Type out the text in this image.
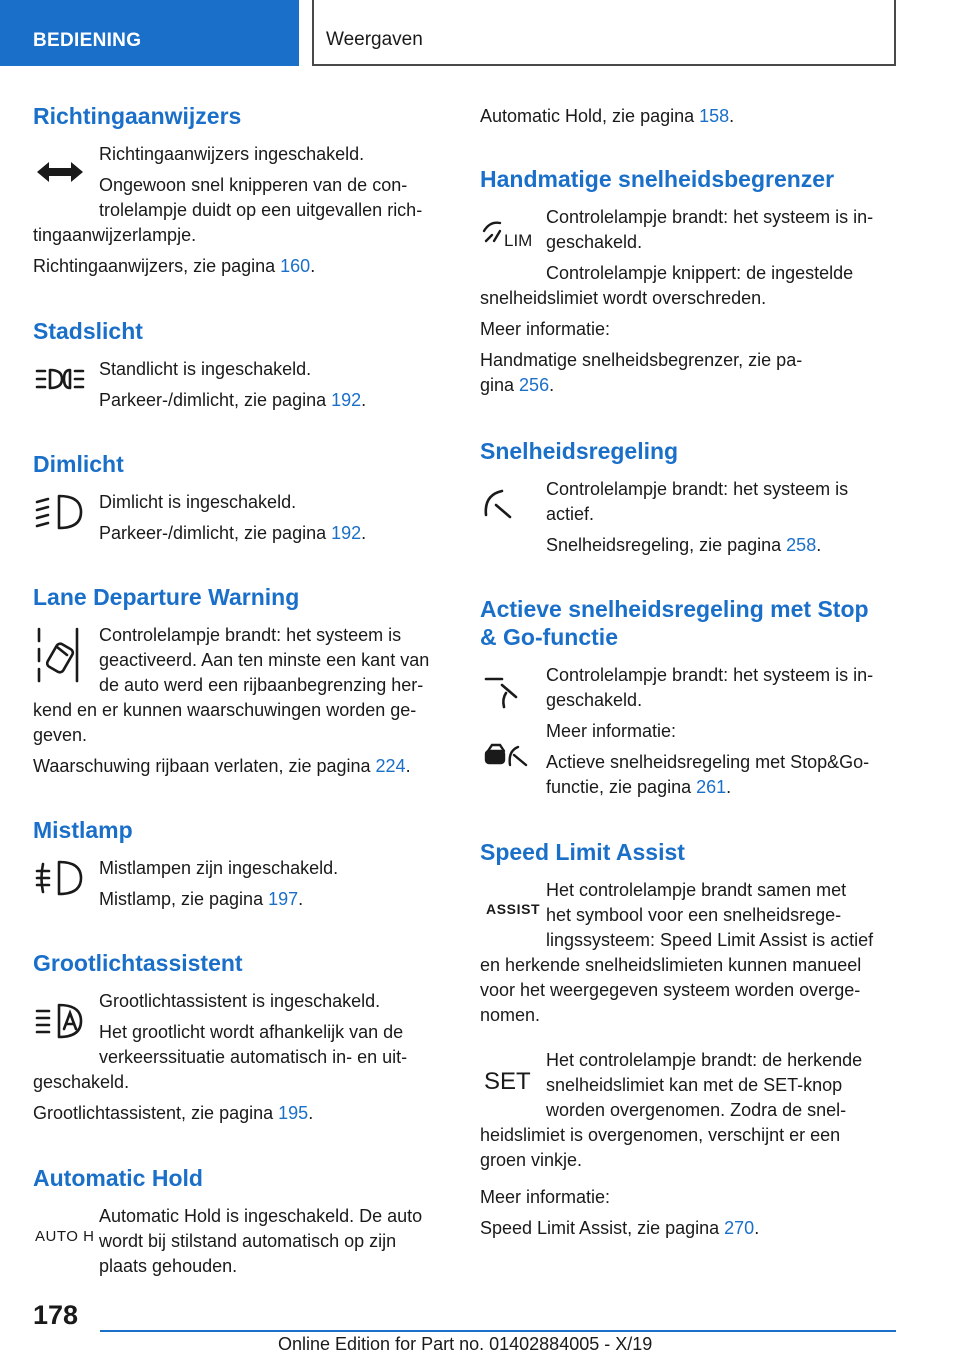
BEDIENING	Weergaven
Richtingaanwijzers
Richtingaanwijzers ingeschakeld.
Ongewoon snel knipperen van de con-
trolelampje duidt op een uitgevallen rich-
tingaanwijzerlampje.
Richtingaanwijzers, zie pagina 160.
Stadslicht
Standlicht is ingeschakeld.
Parkeer-/dimlicht, zie pagina 192.
Dimlicht
Dimlicht is ingeschakeld.
Parkeer-/dimlicht, zie pagina 192.
Lane Departure Warning
Controlelampje brandt: het systeem is
geactiveerd. Aan ten minste een kant van
de auto werd een rijbaanbegrenzing her-
kend en er kunnen waarschuwingen worden ge-
geven.
Waarschuwing rijbaan verlaten, zie pagina 224.
Mistlamp
Mistlampen zijn ingeschakeld.
Mistlamp, zie pagina 197.
Grootlichtassistent
Grootlichtassistent is ingeschakeld.
Het grootlicht wordt afhankelijk van de
verkeerssituatie automatisch in- en uit-
geschakeld.
Grootlichtassistent, zie pagina 195.
Automatic Hold
AUTO H
Automatic Hold is ingeschakeld. De auto
wordt bij stilstand automatisch op zijn
plaats gehouden.
Automatic Hold, zie pagina 158.
Handmatige snelheidsbegrenzer
LIM
Controlelampje brandt: het systeem is in-
geschakeld.
Controlelampje knippert: de ingestelde
snelheidslimiet wordt overschreden.
Meer informatie:
Handmatige snelheidsbegrenzer, zie pa-
gina 256.
Snelheidsregeling
Controlelampje brandt: het systeem is
actief.
Snelheidsregeling, zie pagina 258.
Actieve snelheidsregeling met Stop
& Go-functie
Controlelampje brandt: het systeem is in-
geschakeld.
Meer informatie:
Actieve snelheidsregeling met Stop&Go-
functie, zie pagina 261.
Speed Limit Assist
ASSIST
Het controlelampje brandt samen met
het symbool voor een snelheidsrege-
lingssysteem: Speed Limit Assist is actief
en herkende snelheidslimieten kunnen manueel
voor het weergegeven systeem worden overge-
nomen.
SET
Het controlelampje brandt: de herkende
snelheidslimiet kan met de SET-knop
worden overgenomen. Zodra de snel-
heidslimiet is overgenomen, verschijnt er een
groen vinkje.
Meer informatie:
Speed Limit Assist, zie pagina 270.
178
Online Edition for Part no. 01402884005 - X/19
